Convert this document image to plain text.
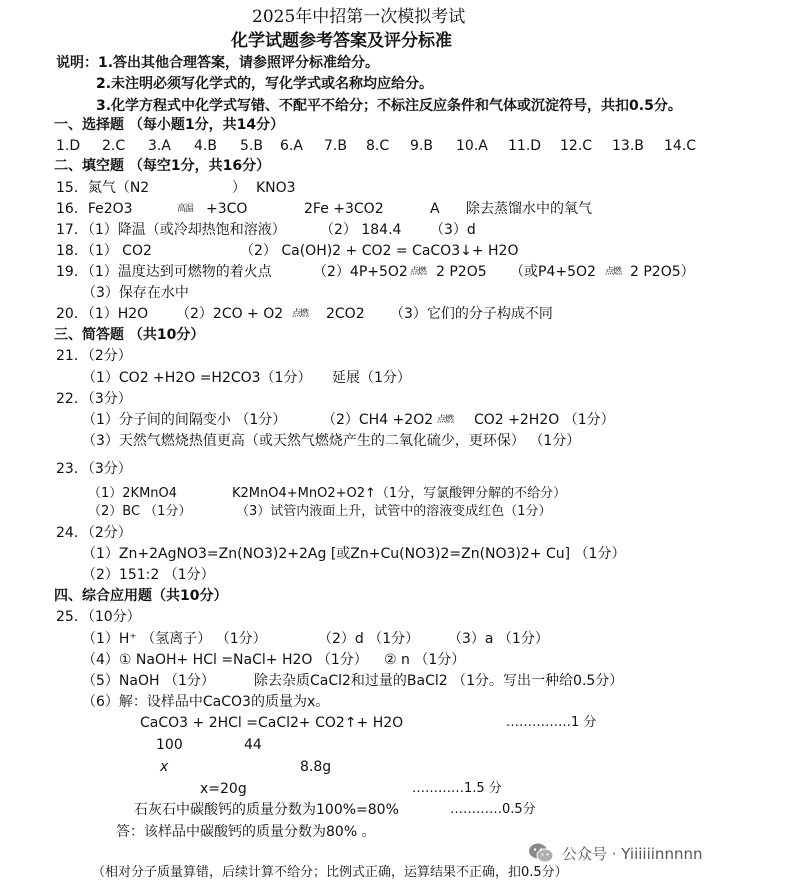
2025年中招第一次模拟考试
化学试题参考答案及评分标准
说明：1.答出其他合理答案，请参照评分标准给分。
2.未注明必须写化学式的，写化学式或名称均应给分。
3.化学方程式中化学式写错、不配平不给分；不标注反应条件和气体或沉淀符号，共扣0.5分。
一、选择题 （每小题1分，共14分）
1.D 2.C 3.A 4.B 5.B 6.A 7.B 8.C 9.B 10.A 11.D 12.C 13.B 14.C
二、填空题 （每空1分，共16分）
15．氮气（N2	） KNO3
16．Fe2O3	$^{高温}$ +3CO	2Fe +3CO2	A 除去蒸馏水中的氧气
17．（1）降温（或冷却热饱和溶液） （2） 184.4 （3）d
18．（1） CO2	（2） Ca(OH)2 + CO2 = CaCO3↓+ H2O
19．（1）温度达到可燃物的着火点	（2）4P+5O2 $^{点燃}$ 2 P2O5 （或P4+5O2 $^{点燃}$ 2 P2O5）
（3）保存在水中
20．（1）H2O （2）2CO + O2 $^{点燃}$ 2CO2 （3）它们的分子构成不同
三、简答题 （共10分）
21．（2分）
（1）CO2 +H2O =H2CO3（1分） 延展（1分）
22．（3分）
（1）分子间的间隔变小 （1分）	（2）CH4 +2O2 $^{点燃}$ CO2 +2H2O （1分）
（3）天然气燃烧热值更高（或天然气燃烧产生的二氧化硫少，更环保） （1分）
23．（3分）
（1）2KMnO4	K2MnO4+MnO2+O2↑（1分，写氯酸钾分解的不给分）
（2）BC （1分）	（3）试管内液面上升，试管中的溶液变成红色（1分）
24．（2分）
（1）Zn+2AgNO3=Zn(NO3)2+2Ag [或Zn+Cu(NO3)2=Zn(NO3)2+ Cu] （1分）
（2）151:2 （1分）
四、综合应用题（共10分）
25．（10分）
（1）H⁺ （氢离子） （1分）	（2）d （1分） （3）a （1分）
（4）① NaOH+ HCl =NaCl+ H2O （1分） ② n （1分）
（5）NaOH （1分）	除去杂质CaCl2和过量的BaCl2 （1分。写出一种给0.5分）
（6）解：设样品中CaCO3的质量为x。
CaCO3 + 2HCl =CaCl2+ CO2↑+ H2O	……………1 分
100	44
x	8.8g
x=20g	…………1.5 分
石灰石中碳酸钙的质量分数为100%=80%	…………0.5分
答：该样品中碳酸钙的质量分数为80% 。
（相对分子质量算错，后续计算不给分；比例式正确，运算结果不正确，扣0.5分）
公众号 · Yiiiiiinnnnn
